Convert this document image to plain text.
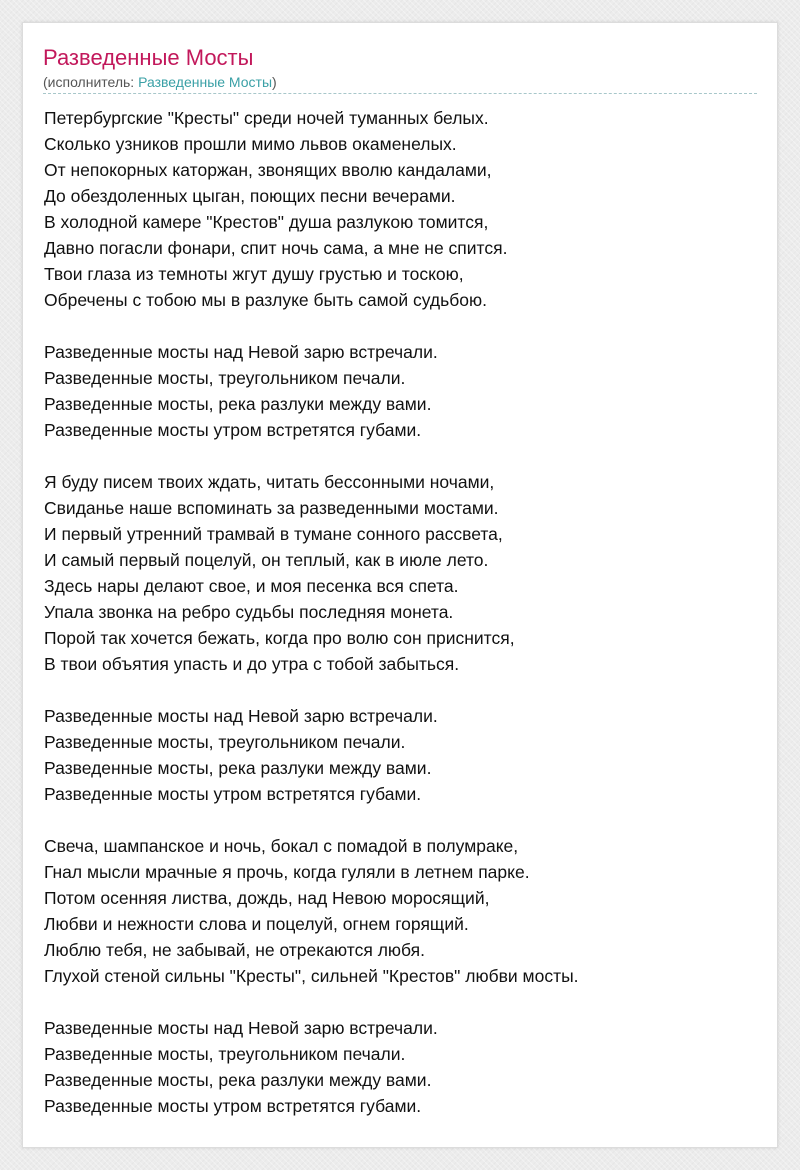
Разведенные Мосты
(исполнитель: Разведенные Мосты)
Петербургские "Кресты" среди ночей туманных белых.
Сколько узников прошли мимо львов окаменелых.
От непокорных каторжан, звонящих вволю кандалами,
До обездоленных цыган, поющих песни вечерами.
В холодной камере "Крестов" душа разлукою томится,
Давно погасли фонари, спит ночь сама, а мне не спится.
Твои глаза из темноты жгут душу грустью и тоскою,
Обречены с тобою мы в разлуке быть самой судьбою.
Разведенные мосты над Невой зарю встречали.
Разведенные мосты, треугольником печали.
Разведенные мосты, река разлуки между вами.
Разведенные мосты утром встретятся губами.
Я буду писем твоих ждать, читать бессонными ночами,
Свиданье наше вспоминать за разведенными мостами.
И первый утренний трамвай в тумане сонного рассвета,
И самый первый поцелуй, он теплый, как в июле лето.
Здесь нары делают свое, и моя песенка вся спета.
Упала звонка на ребро судьбы последняя монета.
Порой так хочется бежать, когда про волю сон приснится,
В твои объятия упасть и до утра с тобой забыться.
Разведенные мосты над Невой зарю встречали.
Разведенные мосты, треугольником печали.
Разведенные мосты, река разлуки между вами.
Разведенные мосты утром встретятся губами.
Свеча, шампанское и ночь, бокал с помадой в полумраке,
Гнал мысли мрачные я прочь, когда гуляли в летнем парке.
Потом осенняя листва, дождь, над Невою моросящий,
Любви и нежности слова и поцелуй, огнем горящий.
Люблю тебя, не забывай, не отрекаются любя.
Глухой стеной сильны "Кресты", сильней "Крестов" любви мосты.
Разведенные мосты над Невой зарю встречали.
Разведенные мосты, треугольником печали.
Разведенные мосты, река разлуки между вами.
Разведенные мосты утром встретятся губами.
